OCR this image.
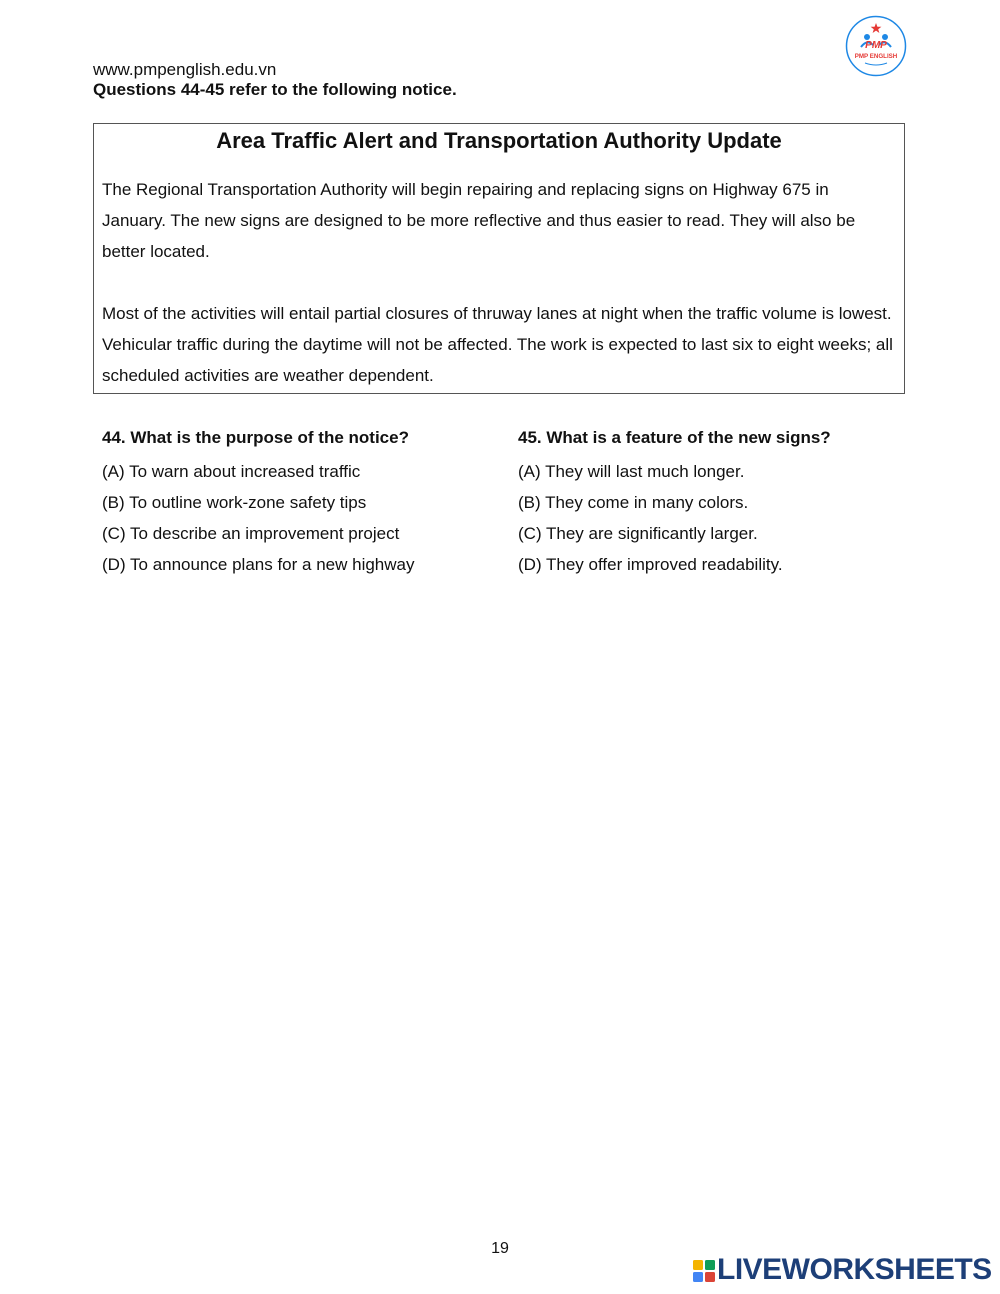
www.pmpenglish.edu.vn
Questions 44-45 refer to the following notice.
PMP
PMP ENGLISH
Area Traffic Alert and Transportation Authority Update

The Regional Transportation Authority will begin repairing and replacing signs on Highway 675 in January. The new signs are designed to be more reflective and thus easier to read. They will also be better located.

Most of the activities will entail partial closures of thruway lanes at night when the traffic volume is lowest. Vehicular traffic during the daytime will not be affected. The work is expected to last six to eight weeks; all scheduled activities are weather dependent.

44. What is the purpose of the notice?
(A) To warn about increased traffic
(B) To outline work-zone safety tips
(C) To describe an improvement project
(D) To announce plans for a new highway
45. What is a feature of the new signs?
(A) They will last much longer.
(B) They come in many colors.
(C) They are significantly larger.
(D) They offer improved readability.
19
LIVEWORKSHEETS
